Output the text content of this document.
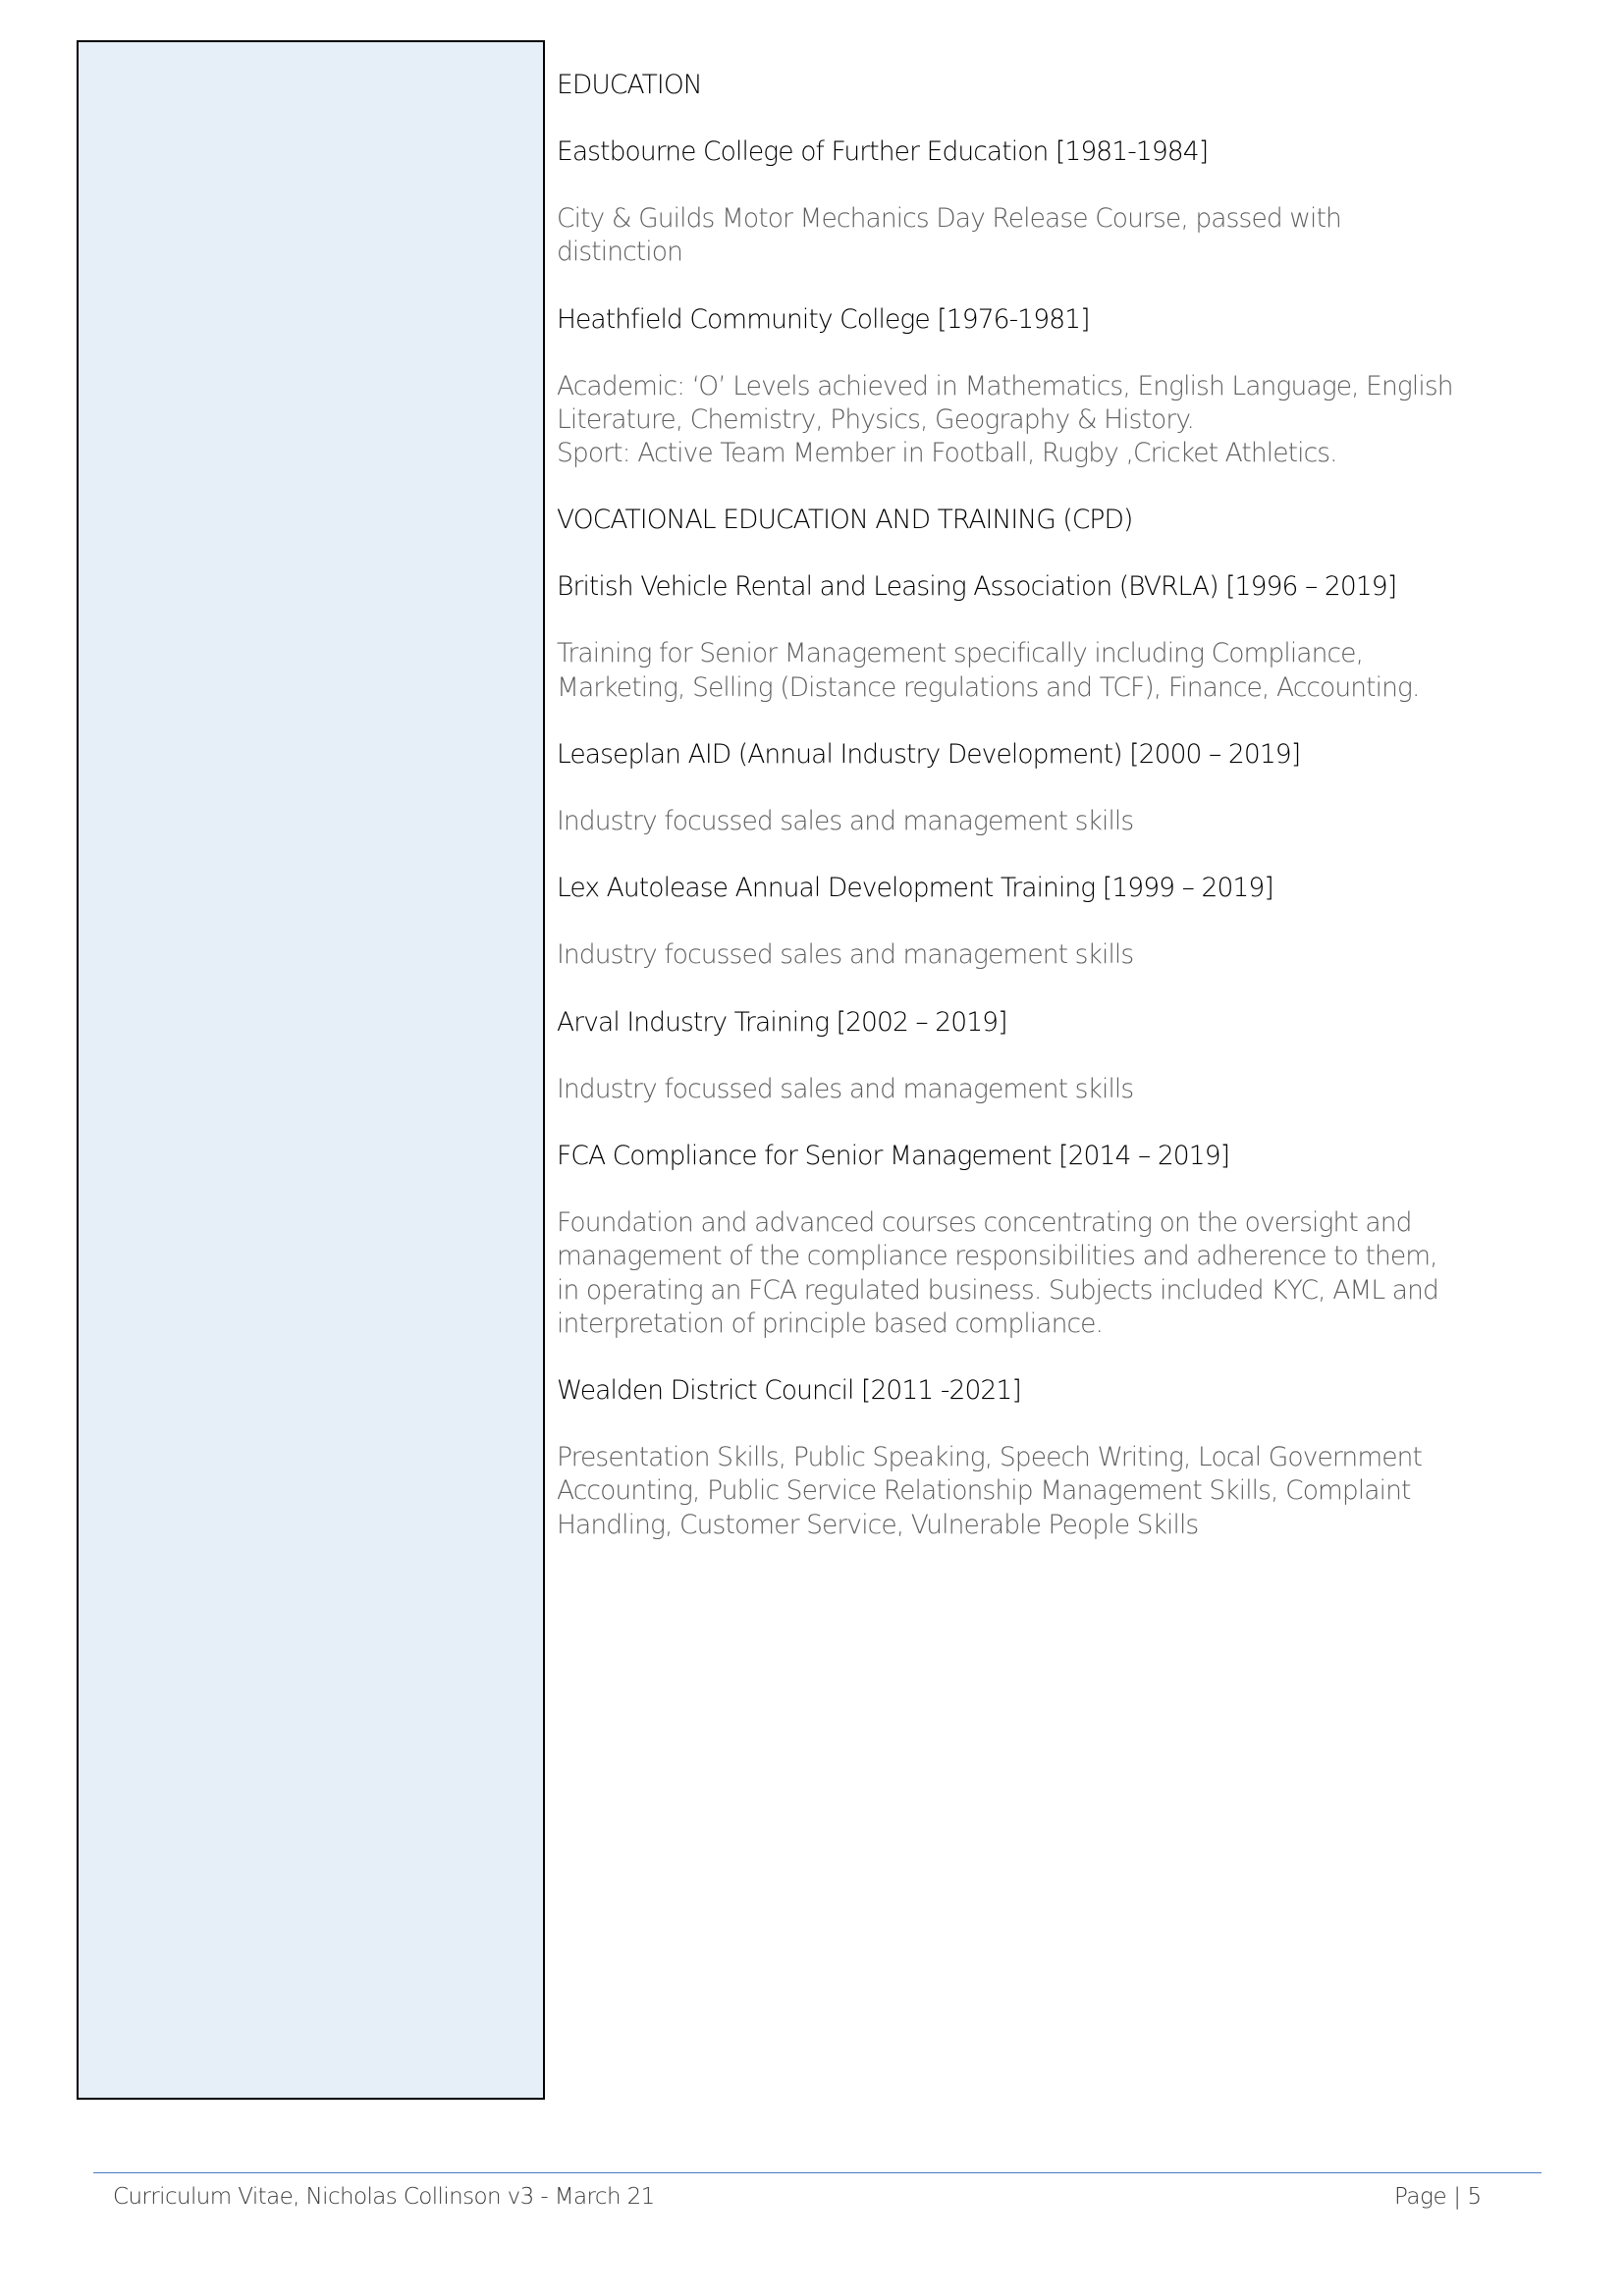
EDUCATION
Eastbourne College of Further Education [1981-1984]
City & Guilds Motor Mechanics Day Release Course, passed with
distinction
Heathfield Community College [1976-1981]
Academic: ‘O’ Levels achieved in Mathematics, English Language, English
Literature, Chemistry, Physics, Geography & History.
Sport: Active Team Member in Football, Rugby ,Cricket Athletics.
VOCATIONAL EDUCATION AND TRAINING (CPD)
British Vehicle Rental and Leasing Association (BVRLA) [1996 – 2019]
Training for Senior Management specifically including Compliance,
Marketing, Selling (Distance regulations and TCF), Finance, Accounting.
Leaseplan AID (Annual Industry Development) [2000 – 2019]
Industry focussed sales and management skills
Lex Autolease Annual Development Training [1999 – 2019]
Industry focussed sales and management skills
Arval Industry Training [2002 – 2019]
Industry focussed sales and management skills
FCA Compliance for Senior Management [2014 – 2019]
Foundation and advanced courses concentrating on the oversight and
management of the compliance responsibilities and adherence to them,
in operating an FCA regulated business. Subjects included KYC, AML and
interpretation of principle based compliance.
Wealden District Council [2011 -2021]
Presentation Skills, Public Speaking, Speech Writing, Local Government
Accounting, Public Service Relationship Management Skills, Complaint
Handling, Customer Service, Vulnerable People Skills
Curriculum Vitae, Nicholas Collinson v3 - March 21	Page | 5
